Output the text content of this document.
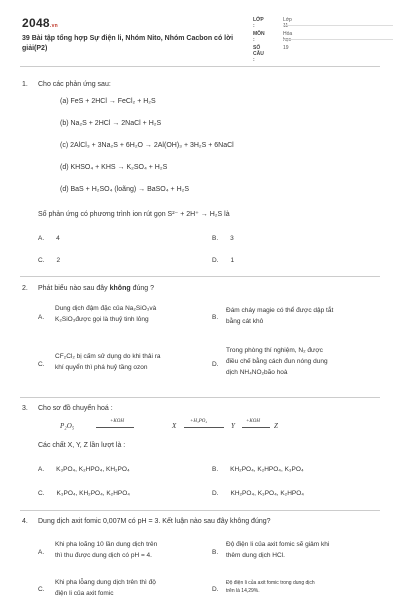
2048.vn
39 Bài tập tổng hợp Sự điện li, Nhóm Nito, Nhóm Cacbon có lời giải(P2)
LỚP :
Lớp 11
MÔN :
Hóa học
SỐ CÂU :
19
1. Cho các phản ứng sau:
(a) FeS + 2HCl → FeCl₂ + H₂S
(b) Na₂S + 2HCl → 2NaCl + H₂S
(c) 2AlCl₃ + 3Na₂S + 6H₂O → 2Al(OH)₃ + 3H₂S + 6NaCl
(d) KHSO₄ + KHS → K₂SO₄ + H₂S
(d) BaS + H₂SO₄ (loãng) → BaSO₄ + H₂S
Số phản ứng có phương trình ion rút gọn S²⁻ + 2H⁺ → H₂S là
A. 4	B. 3
C. 2	D. 1
2. Phát biểu nào sau đây không đúng ?
A.
Dung dịch đậm đặc của Na₂SiO₃và
K₂SiO₃được gọi là thuỷ tinh lỏng	B.
Đám cháy magie có thể được dập tắt
bằng cát khô
C.
CF₂Cl₂ bị cấm sử dụng do khi thải ra
khí quyển thì phá huỷ tầng ozon	D.
Trong phòng thí nghiệm, N₂ được
điều chế bằng cách đun nóng dung
dịch NH₄NO₂bão hoà
3. Cho sơ đồ chuyển hoá :
P₂O₅
+KOH
X
+H₃PO₄
Y
+KOH
Z
Các chất X, Y, Z lần lượt là :
A. K₃PO₄, K₂HPO₄, KH₂PO₄	B. KH₂PO₄, K₂HPO₄, K₃PO₄
C. K₃PO₄, KH₂PO₄, K₂HPO₄	D. KH₂PO₄, K₃PO₄, K₂HPO₄
4. Dung dịch axit fomic 0,007M có pH = 3. Kết luận nào sau đây không đúng?
A.
Khi pha loãng 10 lần dung dịch trên
thì thu được dung dịch có pH = 4.	B.
Độ điện li của axit fomic sẽ giảm khi
thêm dung dịch HCl.
C.
Khi pha lỗang dung dịch trên thì độ
điện li của axit fomic
D.
Độ điện li của axit fomic trong dung dịch
trên là 14,29%.
